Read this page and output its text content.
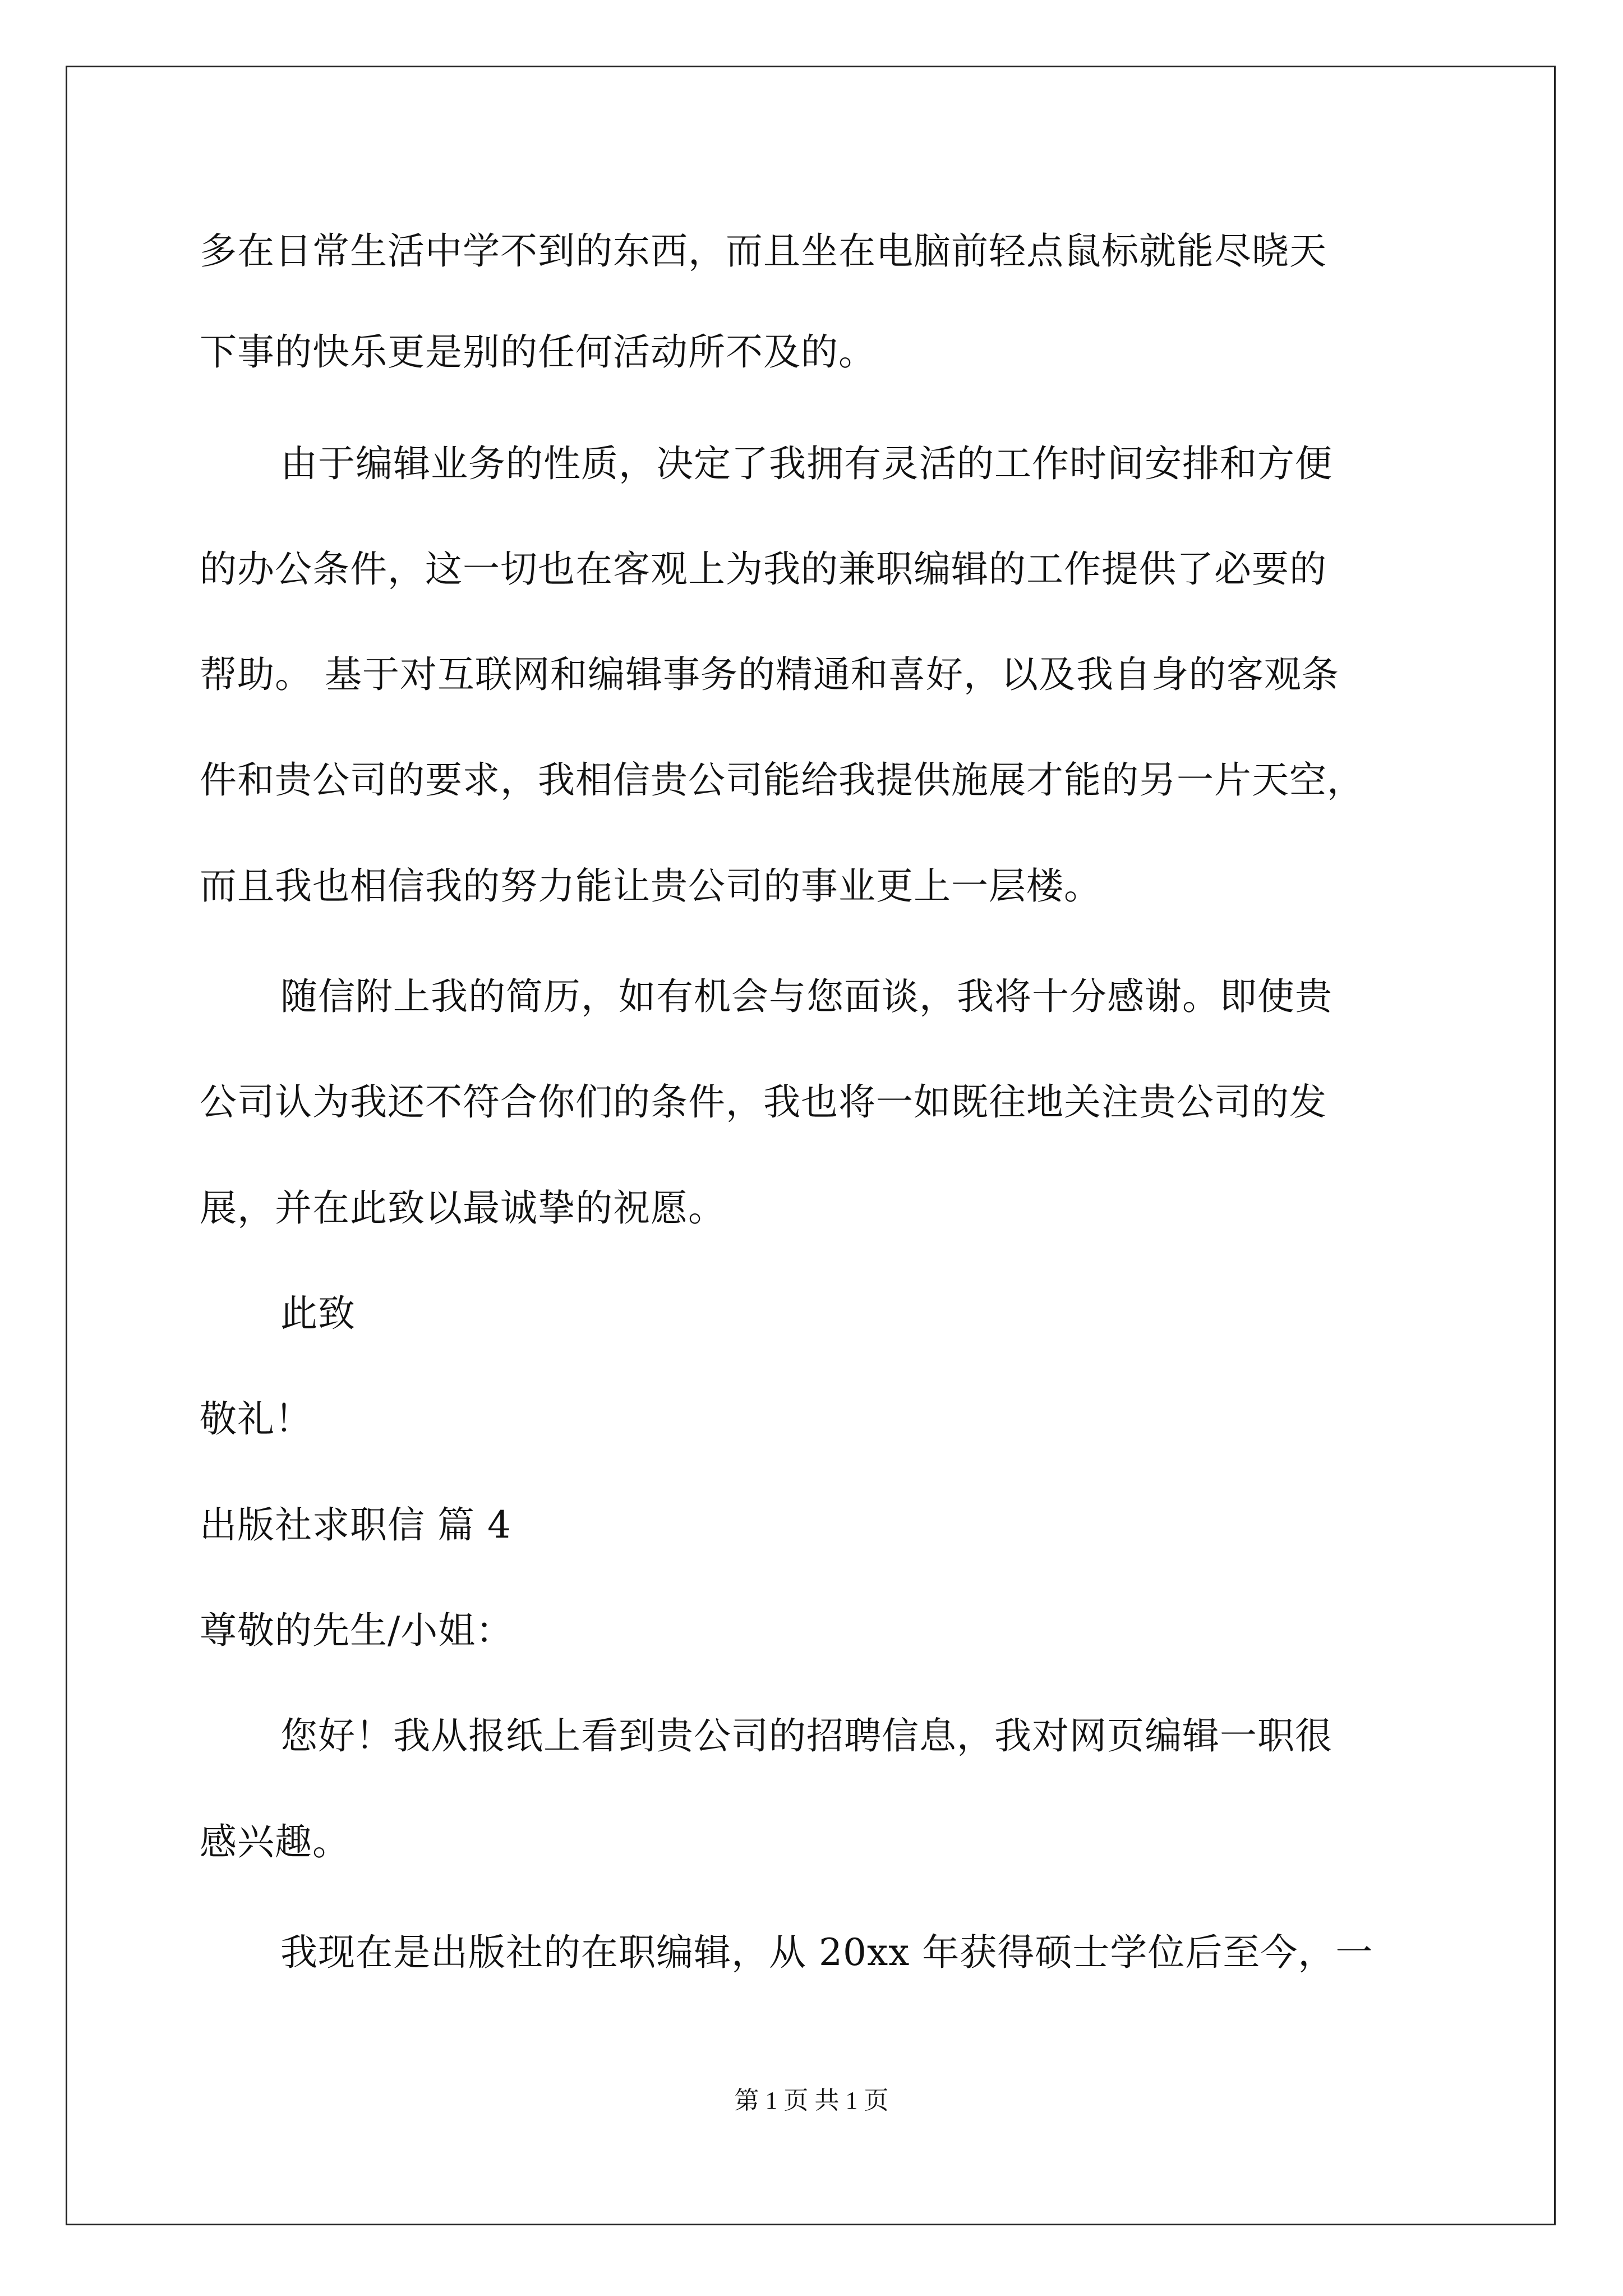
多在日常生活中学不到的东西，而且坐在电脑前轻点鼠标就能尽晓天
下事的快乐更是别的任何活动所不及的。
由于编辑业务的性质，决定了我拥有灵活的工作时间安排和方便
的办公条件，这一切也在客观上为我的兼职编辑的工作提供了必要的
帮助。 基于对互联网和编辑事务的精通和喜好，以及我自身的客观条
件和贵公司的要求，我相信贵公司能给我提供施展才能的另一片天空，
而且我也相信我的努力能让贵公司的事业更上一层楼。
随信附上我的简历，如有机会与您面谈，我将十分感谢。即使贵
公司认为我还不符合你们的条件，我也将一如既往地关注贵公司的发
展，并在此致以最诚挚的祝愿。
此致
敬礼！
出版社求职信 篇 4
尊敬的先生/小姐：
您好！我从报纸上看到贵公司的招聘信息，我对网页编辑一职很
感兴趣。
我现在是出版社的在职编辑，从 20xx 年获得硕士学位后至今，一
第 1 页 共 1 页
